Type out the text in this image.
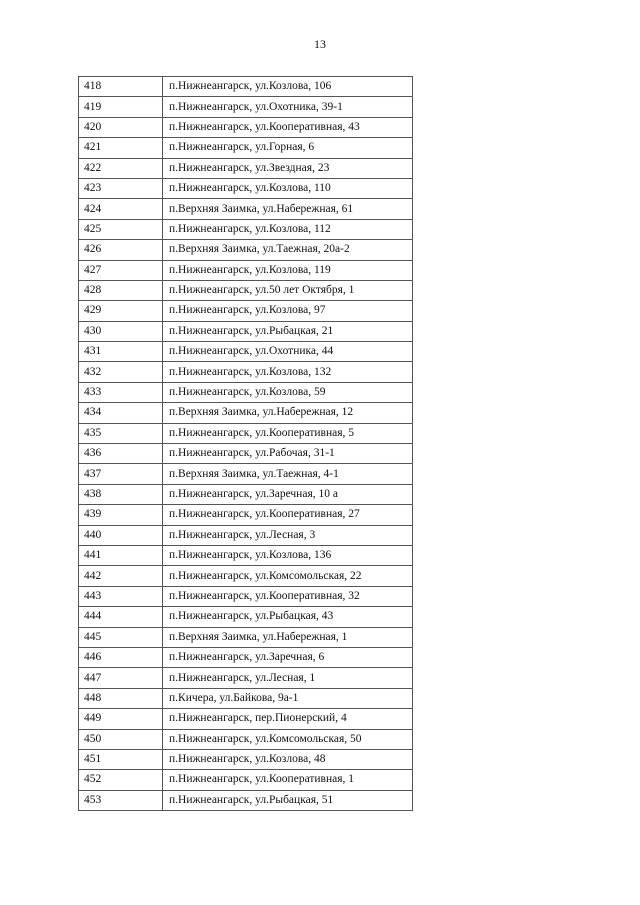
13
418	п.Нижнеангарск, ул.Козлова, 106
419	п.Нижнеангарск, ул.Охотника, 39-1
420	п.Нижнеангарск, ул.Кооперативная, 43
421	п.Нижнеангарск, ул.Горная, 6
422	п.Нижнеангарск, ул.Звездная, 23
423	п.Нижнеангарск, ул.Козлова, 110
424	п.Верхняя Заимка, ул.Набережная, 61
425	п.Нижнеангарск, ул.Козлова, 112
426	п.Верхняя Заимка, ул.Таежная, 20а-2
427	п.Нижнеангарск, ул.Козлова, 119
428	п.Нижнеангарск, ул.50 лет Октября, 1
429	п.Нижнеангарск, ул.Козлова, 97
430	п.Нижнеангарск, ул.Рыбацкая, 21
431	п.Нижнеангарск, ул.Охотника, 44
432	п.Нижнеангарск, ул.Козлова, 132
433	п.Нижнеангарск, ул.Козлова, 59
434	п.Верхняя Заимка, ул.Набережная, 12
435	п.Нижнеангарск, ул.Кооперативная, 5
436	п.Нижнеангарск, ул.Рабочая, 31-1
437	п.Верхняя Заимка, ул.Таежная, 4-1
438	п.Нижнеангарск, ул.Заречная, 10 а
439	п.Нижнеангарск, ул.Кооперативная, 27
440	п.Нижнеангарск, ул.Лесная, 3
441	п.Нижнеангарск, ул.Козлова, 136
442	п.Нижнеангарск, ул.Комсомольская, 22
443	п.Нижнеангарск, ул.Кооперативная, 32
444	п.Нижнеангарск, ул.Рыбацкая, 43
445	п.Верхняя Заимка, ул.Набережная, 1
446	п.Нижнеангарск, ул.Заречная, 6
447	п.Нижнеангарск, ул.Лесная, 1
448	п.Кичера, ул.Байкова, 9а-1
449	п.Нижнеангарск, пер.Пионерский, 4
450	п.Нижнеангарск, ул.Комсомольская, 50
451	п.Нижнеангарск, ул.Козлова, 48
452	п.Нижнеангарск, ул.Кооперативная, 1
453	п.Нижнеангарск, ул.Рыбацкая, 51
